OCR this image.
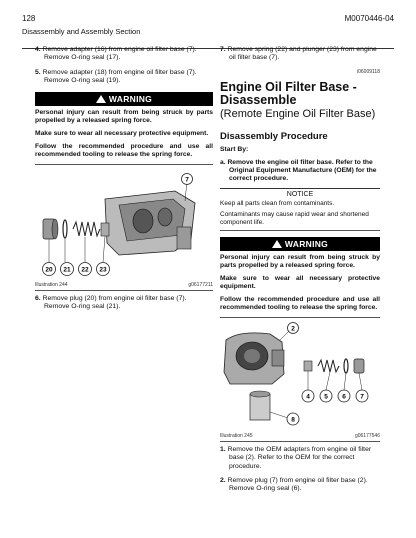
128	M0070446-04
Disassembly and Assembly Section

4. Remove adapter (16) from engine oil filter base (7). Remove O-ring seal (17).

5. Remove adapter (18) from engine oil filter base (7). Remove O-ring seal (19).

WARNING

Personal injury can result from being struck by parts propelled by a released spring force.

Make sure to wear all necessary protective equipment.

Follow the recommended procedure and use all recommended tooling to release the spring force.

7
20 21 22 23
Illustration 244	g06177211

6. Remove plug (20) from engine oil filter base (7). Remove O-ring seal (21).

7. Remove spring (22) and plunger (23) from engine oil filter base (7).

i06009118

Engine Oil Filter Base -
Disassemble
(Remote Engine Oil Filter Base)
Disassembly Procedure
Start By:

a. Remove the engine oil filter base. Refer to the Original Equipment Manufacture (OEM) for the correct procedure.

NOTICE

Keep all parts clean from contaminants.

Contaminants may cause rapid wear and shortened component life.

WARNING

Personal injury can result from being struck by parts propelled by a released spring force.

Make sure to wear all necessary protective equipment.

Follow the recommended procedure and use all recommended tooling to release the spring force.

2
4 5 6 7
8
Illustration 245	g06177546

1. Remove the OEM adapters from engine oil filter base (2). Refer to the OEM for the correct procedure.

2. Remove plug (7) from engine oil filter base (2). Remove O-ring seal (6).
